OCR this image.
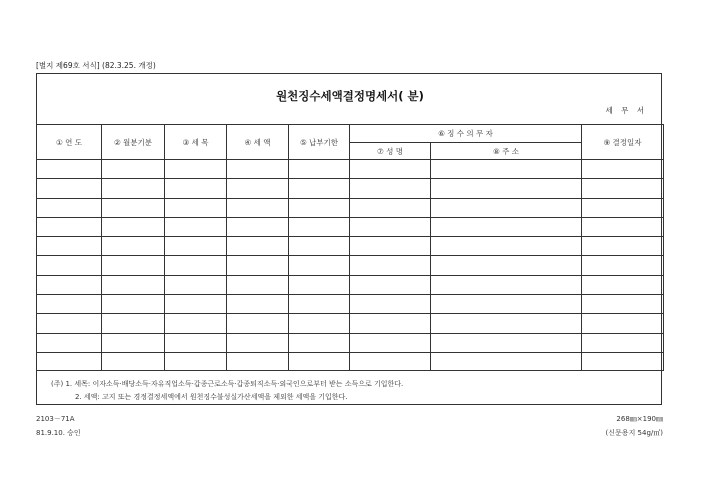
[별지 제69호 서식] (82.3.25. 개정)
원천징수세액결정명세서( 분)
세 무 서
① 연 도	② 월분기분	③ 세 목	④ 세 액	⑤ 납부기한	⑥ 징 수 의 무 자		⑨ 결정일자
					⑦ 성 명	⑧ 주 소	

(주) 1. 세목: 이자소득·배당소득·자유직업소득·갑종근로소득·갑종퇴직소득·외국인으로부터 받는 소득으로 기입한다.
2. 세액: 고지 또는 경정결정세액에서 원천징수불성실가산세액을 제외한 세액을 기입한다.
2103－71A
81.9.10. 승인
268㎜×190㎜
(신문용지 54g/㎡)
